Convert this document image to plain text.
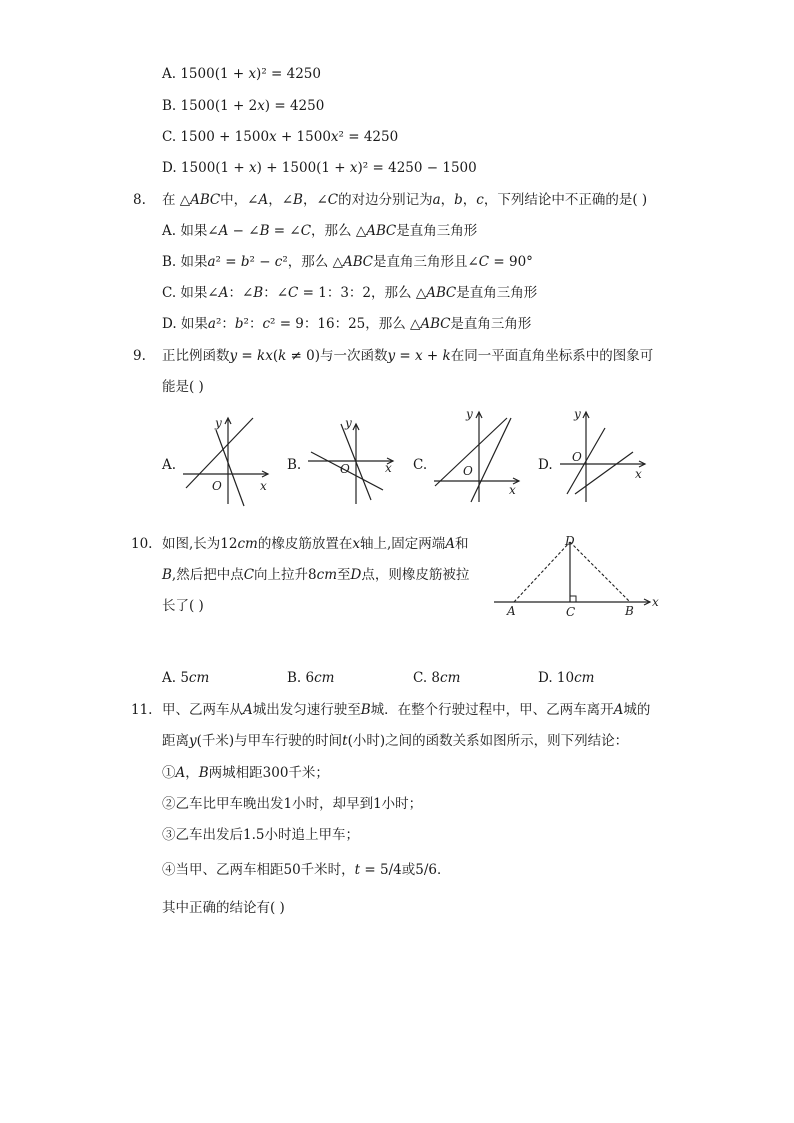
A. 1500(1 + 𝑥)² = 4250
B. 1500(1 + 2𝑥) = 4250
C. 1500 + 1500𝑥 + 1500𝑥² = 4250
D. 1500(1 + 𝑥) + 1500(1 + 𝑥)² = 4250 − 1500
8. 在 △𝐴𝐵𝐶中，∠𝐴，∠𝐵，∠𝐶的对边分别记为𝑎，𝑏，𝑐，下列结论中不正确的是( )
A. 如果∠𝐴 − ∠𝐵 = ∠𝐶，那么 △𝐴𝐵𝐶是直角三角形
B. 如果𝑎² = 𝑏² − 𝑐²，那么 △𝐴𝐵𝐶是直角三角形且∠𝐶 = 90°
C. 如果∠𝐴：∠𝐵：∠𝐶 = 1：3：2，那么 △𝐴𝐵𝐶是直角三角形
D. 如果𝑎²：𝑏²：𝑐² = 9：16：25，那么 △𝐴𝐵𝐶是直角三角形
9. 正比例函数𝑦 = 𝑘𝑥(𝑘 ≠ 0)与一次函数𝑦 = 𝑥 + 𝑘在同一平面直角坐标系中的图象可
能是( )
A.	B.	C.	D.
y
x
O
y
x
O
y
x
O
y
x
O
10. 如图,长为12𝑐𝑚的橡皮筋放置在𝑥轴上,固定两端𝐴和
𝐵,然后把中点𝐶向上拉升8𝑐𝑚至𝐷点，则橡皮筋被拉
长了( )
D
A	C	B
x
A. 5𝑐𝑚	B. 6𝑐𝑚	C. 8𝑐𝑚	D. 10𝑐𝑚
11. 甲、乙两车从𝐴城出发匀速行驶至𝐵城．在整个行驶过程中，甲、乙两车离开𝐴城的
距离𝑦(千米)与甲车行驶的时间𝑡(小时)之间的函数关系如图所示，则下列结论：
①𝐴，𝐵两城相距300千米；
②乙车比甲车晚出发1小时，却早到1小时；
③乙车出发后1.5小时追上甲车；
④当甲、乙两车相距50千米时，𝑡 = 5/4或5/6．
其中正确的结论有( )
